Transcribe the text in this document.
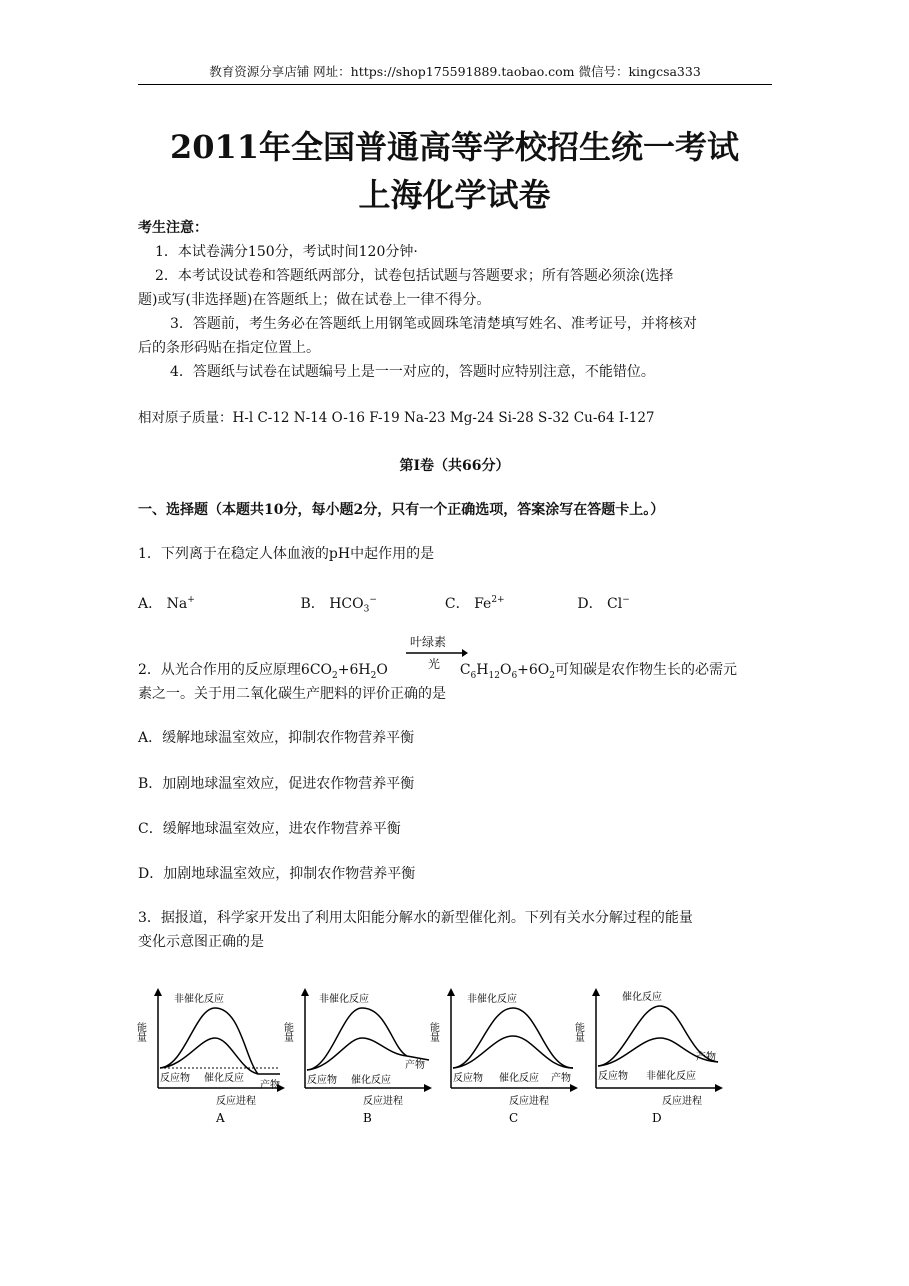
教育资源分享店铺 网址：https://shop175591889.taobao.com 微信号：kingcsa333
2011年全国普通高等学校招生统一考试
上海化学试卷
考生注意：
1．本试卷满分150分，考试时间120分钟·
2．本考试设试卷和答题纸两部分，试卷包括试题与答题要求；所有答题必须涂(选择
题)或写(非选择题)在答题纸上；做在试卷上一律不得分。
3．答题前，考生务必在答题纸上用钢笔或圆珠笔清楚填写姓名、准考证号，并将核对
后的条形码贴在指定位置上。
4．答题纸与试卷在试题编号上是一一对应的，答题时应特别注意，不能错位。
相对原子质量：H-l C-12 N-14 O-16 F-19 Na-23 Mg-24 Si-28 S-32 Cu-64 I-127
第I卷（共66分）
一、选择题（本题共10分，每小题2分，只有一个正确选项，答案涂写在答题卡上。）
1．下列离于在稳定人体血液的pH中起作用的是
A． Na+	B． $HCO_3^-$	C． $Fe^{2+}$	D． Cl−
叶绿素
光
2．从光合作用的反应原理$6CO_2+6H_2O$	$C_6H_{12}O_6+6O_2$可知碳是农作物生长的必需元
素之一。关于用二氧化碳生产肥料的评价正确的是
A．缓解地球温室效应，抑制农作物营养平衡
B．加剧地球温室效应，促进农作物营养平衡
C．缓解地球温室效应，进农作物营养平衡
D．加剧地球温室效应，抑制农作物营养平衡
3．据报道，科学家开发出了利用太阳能分解水的新型催化剂。下列有关水分解过程的能量
变化示意图正确的是
能量
非催化反应
反应物 催化反应
产物
反应进程
A
能量
非催化反应
反应物 催化反应
产物
反应进程
B
能量
非催化反应
反应物 催化反应 产物
反应进程
C
能量
催化反应
反应物 非催化反应
产物
反应进程
D
